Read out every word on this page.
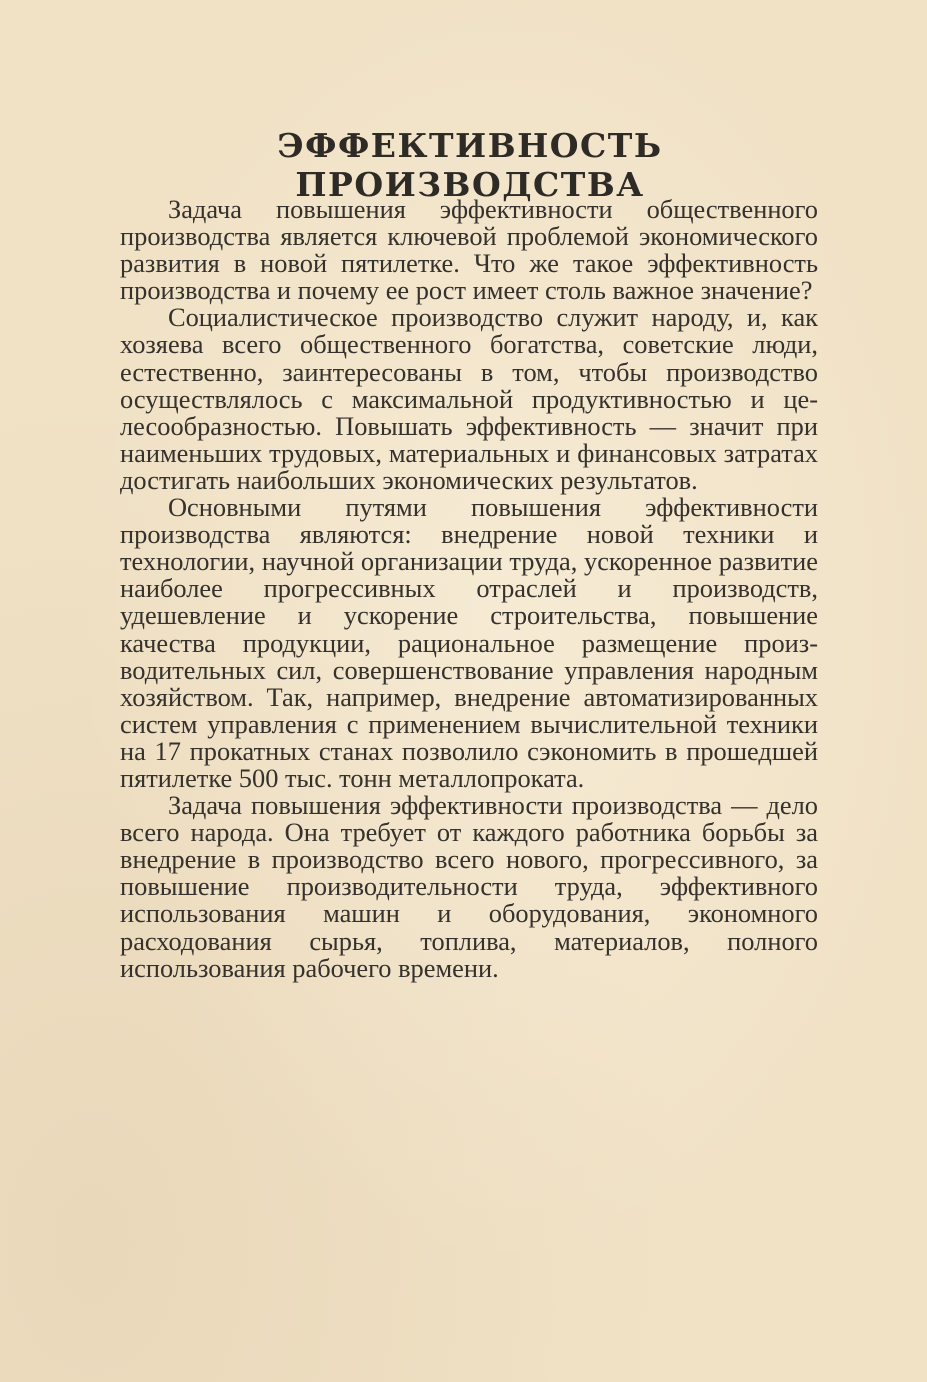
ЭФФЕКТИВНОСТЬ ПРОИЗВОДСТВА

Задача повышения эффективности общественного производства является ключевой проблемой экономического развития в новой пятилетке. Что же такое эффективность производства и почему ее рост имеет столь важное значение?

Социалистическое производство служит народу, и, как хозяева всего общественного богатства, советские люди, естественно, заинтересованы в том, чтобы производство осуществлялось с максимальной продуктивностью и целесообразностью. Повышать эффективность — значит при наименьших трудовых, материальных и финансовых затратах достигать наибольших экономических результатов.

Основными путями повышения эффективности производства являются: внедрение новой техники и технологии, научной организации труда, ускоренное развитие наиболее прогрессивных отраслей и производств, удешевление и ускорение строительства, повышение качества продукции, рациональное размещение производительных сил, совершенствование управления народным хозяйством. Так, например, внедрение автоматизированных систем управления с применением вычислительной техники на 17 прокатных станах позволило сэкономить в прошедшей пятилетке 500 тыс. тонн металлопроката.

Задача повышения эффективности производства — дело всего народа. Она требует от каждого работника борьбы за внедрение в производство всего нового, прогрессивного, за повышение производительности труда, эффективного использования машин и оборудования, экономного расходования сырья, топлива, материалов, полного использования рабочего времени.
